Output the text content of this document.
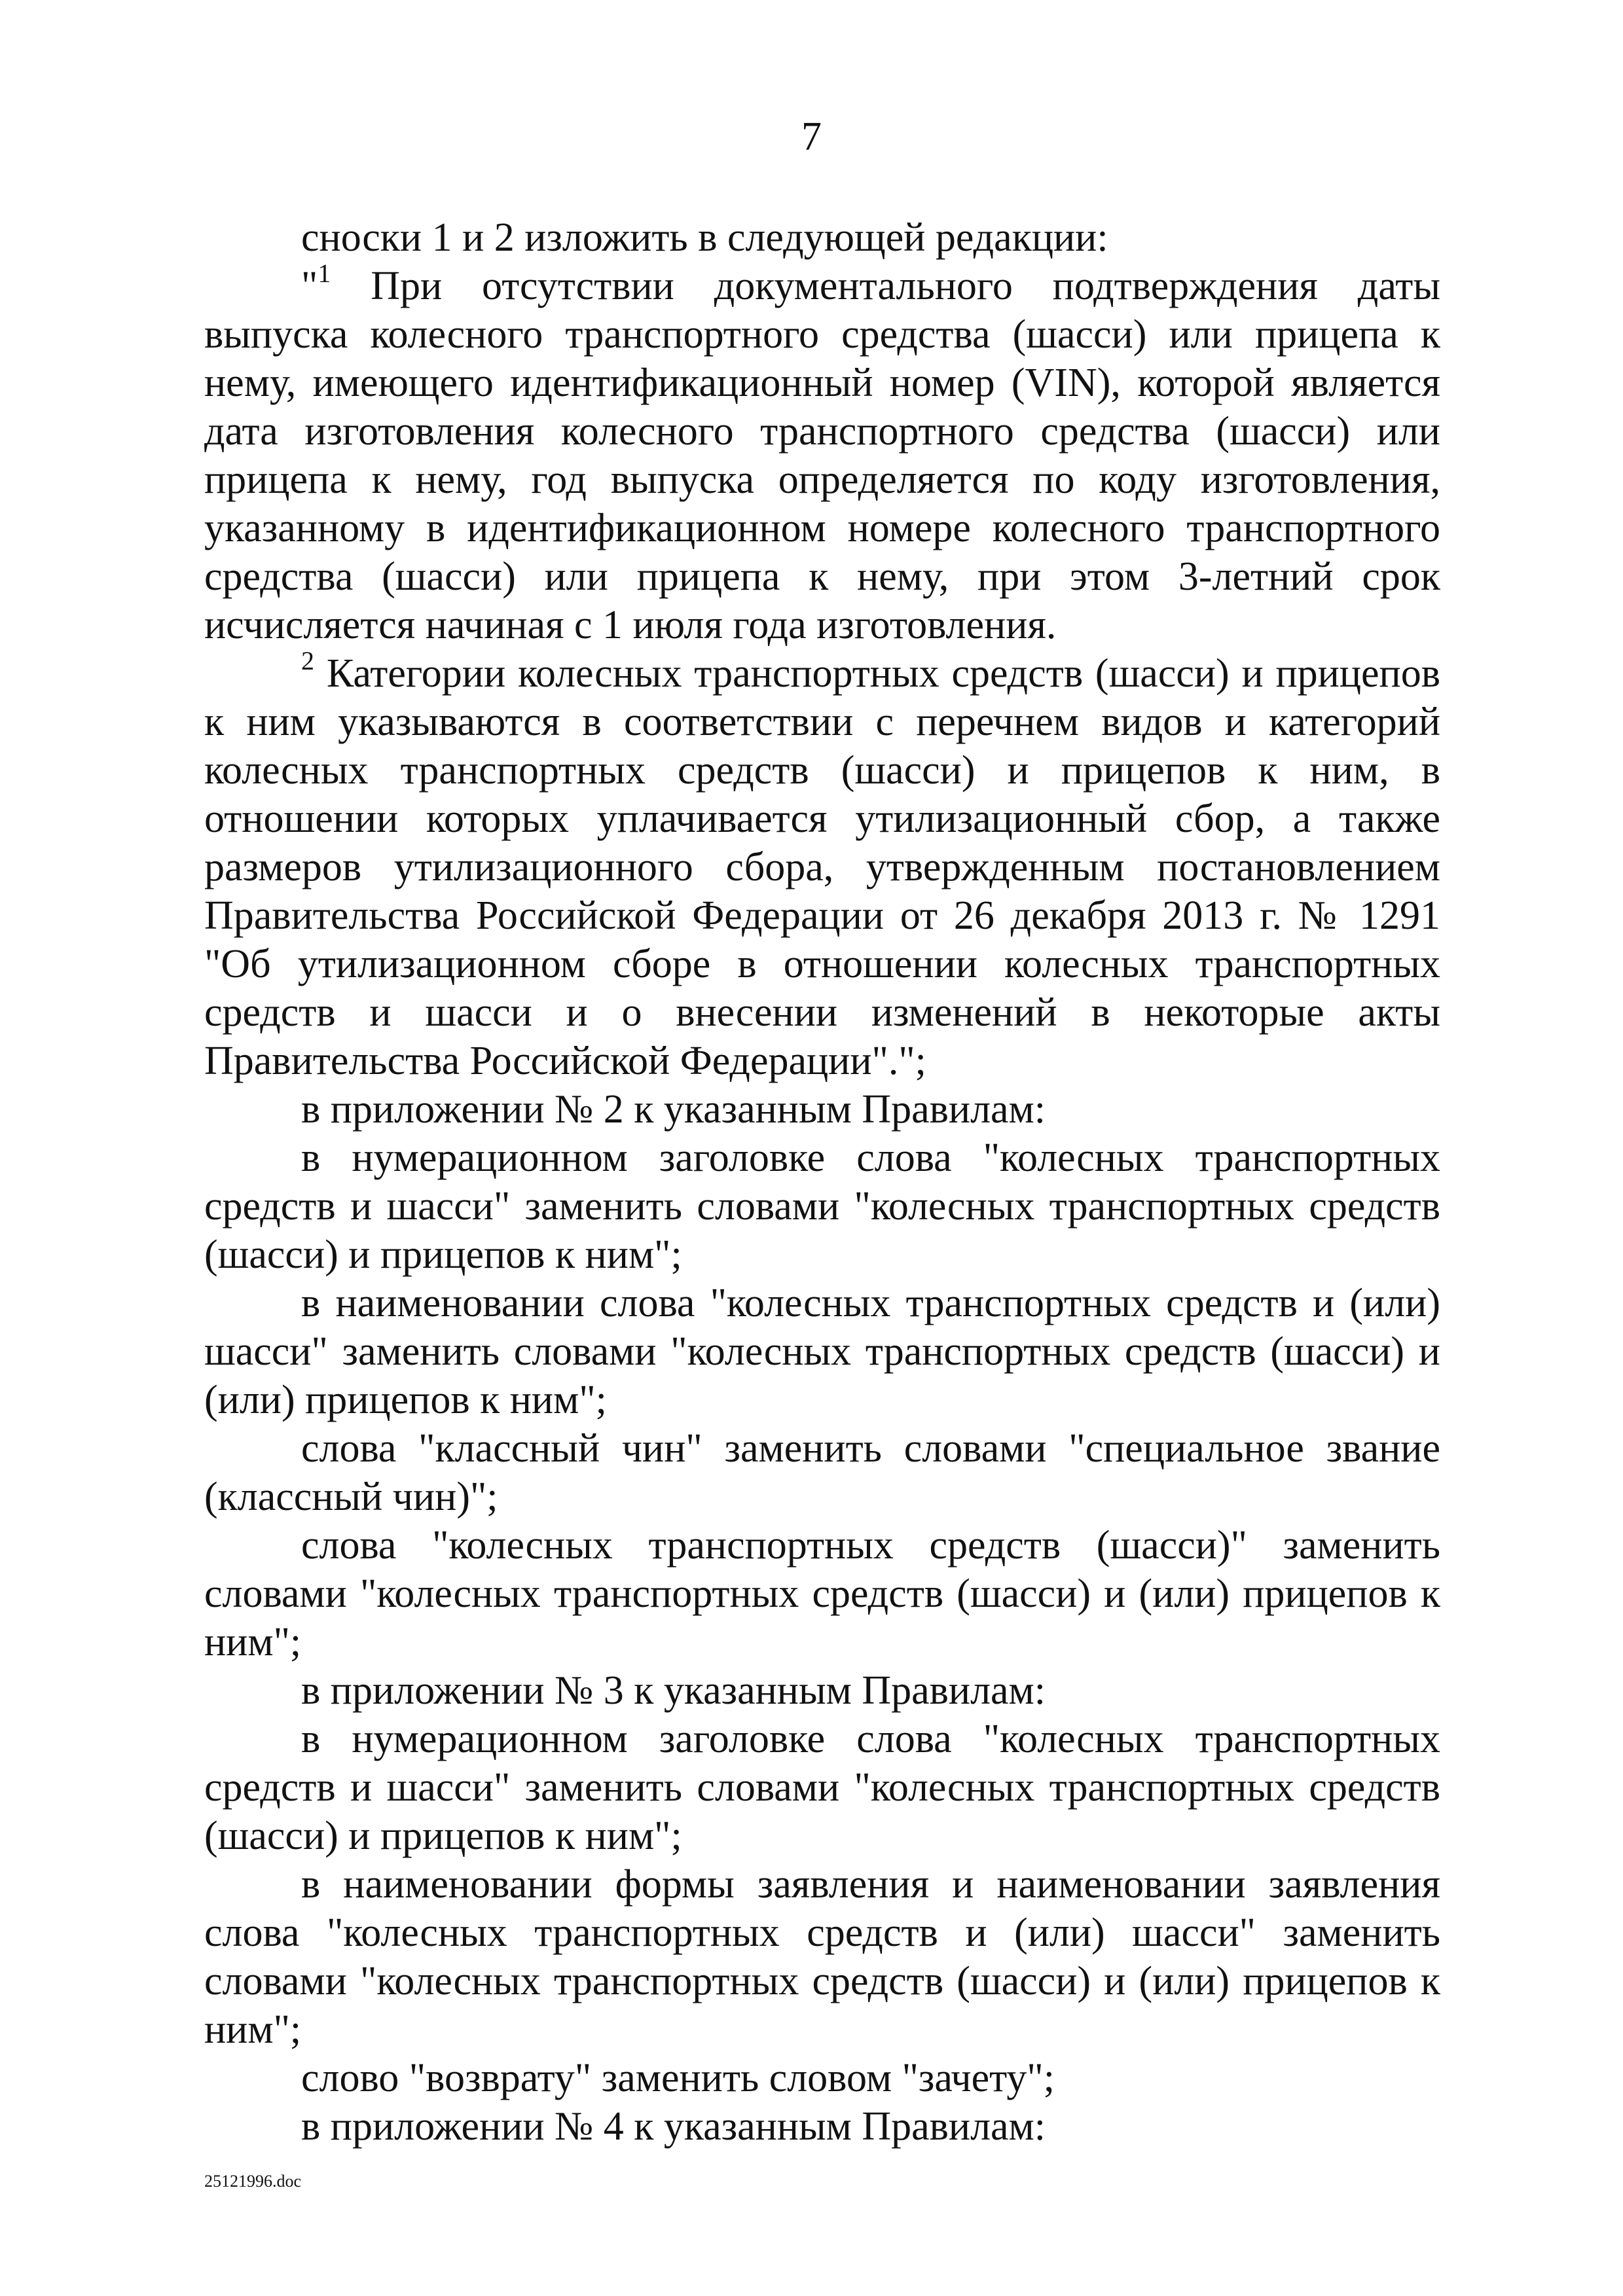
7

сноски 1 и 2 изложить в следующей редакции:

"$^1$ При отсутствии документального подтверждения даты выпуска колесного транспортного средства (шасси) или прицепа к нему, имеющего идентификационный номер (VIN), которой является дата изготовления колесного транспортного средства (шасси) или прицепа к нему, год выпуска определяется по коду изготовления, указанному в идентификационном номере колесного транспортного средства (шасси) или прицепа к нему, при этом 3-летний срок исчисляется начиная с 1 июля года изготовления.

$^2$ Категории колесных транспортных средств (шасси) и прицепов к ним указываются в соответствии с перечнем видов и категорий колесных транспортных средств (шасси) и прицепов к ним, в отношении которых уплачивается утилизационный сбор, а также размеров утилизационного сбора, утвержденным постановлением Правительства Российской Федерации от 26 декабря 2013 г. № 1291 "Об утилизационном сборе в отношении колесных транспортных средств и шасси и о внесении изменений в некоторые акты Правительства Российской Федерации".";

в приложении № 2 к указанным Правилам:

в нумерационном заголовке слова "колесных транспортных средств и шасси" заменить словами "колесных транспортных средств (шасси) и прицепов к ним";

в наименовании слова "колесных транспортных средств и (или) шасси" заменить словами "колесных транспортных средств (шасси) и (или) прицепов к ним";

слова "классный чин" заменить словами "специальное звание (классный чин)";

слова "колесных транспортных средств (шасси)" заменить словами "колесных транспортных средств (шасси) и (или) прицепов к ним";

в приложении № 3 к указанным Правилам:

в нумерационном заголовке слова "колесных транспортных средств и шасси" заменить словами "колесных транспортных средств (шасси) и прицепов к ним";

в наименовании формы заявления и наименовании заявления слова "колесных транспортных средств и (или) шасси" заменить словами "колесных транспортных средств (шасси) и (или) прицепов к ним";

слово "возврату" заменить словом "зачету";

в приложении № 4 к указанным Правилам:

25121996.doc
